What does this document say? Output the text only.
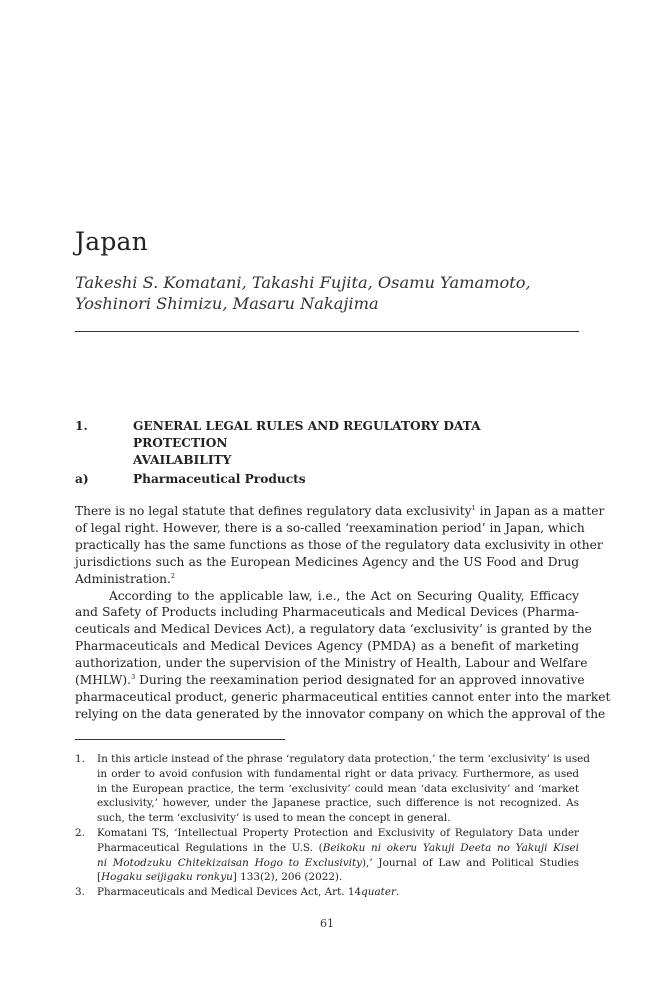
Japan
Takeshi S. Komatani, Takashi Fujita, Osamu Yamamoto,
Yoshinori Shimizu, Masaru Nakajima
1.	GENERAL LEGAL RULES AND REGULATORY DATA PROTECTION
AVAILABILITY
a)	Pharmaceutical Products

There is no legal statute that defines regulatory data exclusivity$^1$ in Japan as a matter
of legal right. However, there is a so-called ‘reexamination period’ in Japan, which
practically has the same functions as those of the regulatory data exclusivity in other
jurisdictions such as the European Medicines Agency and the US Food and Drug
Administration.$^2$

According to the applicable law, i.e., the Act on Securing Quality, Efficacy
and Safety of Products including Pharmaceuticals and Medical Devices (Pharma-
ceuticals and Medical Devices Act), a regulatory data ‘exclusivity’ is granted by the
Pharmaceuticals and Medical Devices Agency (PMDA) as a benefit of marketing
authorization, under the supervision of the Ministry of Health, Labour and Welfare
(MHLW).$^3$ During the reexamination period designated for an approved innovative
pharmaceutical product, generic pharmaceutical entities cannot enter into the market
relying on the data generated by the innovator company on which the approval of the

1. In this article instead of the phrase ‘regulatory data protection,’ the term ‘exclusivity’ is used
in order to avoid confusion with fundamental right or data privacy. Furthermore, as used
in the European practice, the term ‘exclusivity’ could mean ‘data exclusivity’ and ‘market
exclusivity,’ however, under the Japanese practice, such difference is not recognized. As
such, the term ‘exclusivity’ is used to mean the concept in general.
2. Komatani TS, ‘Intellectual Property Protection and Exclusivity of Regulatory Data under
Pharmaceutical Regulations in the U.S. (Beikoku ni okeru Yakuji Deeta no Yakuji Kisei
ni Motodzuku Chitekizaisan Hogo to Exclusivity),’ Journal of Law and Political Studies
[Hogaku seijigaku ronkyu] 133(2), 206 (2022).
3. Pharmaceuticals and Medical Devices Act, Art. 14quater.
61
